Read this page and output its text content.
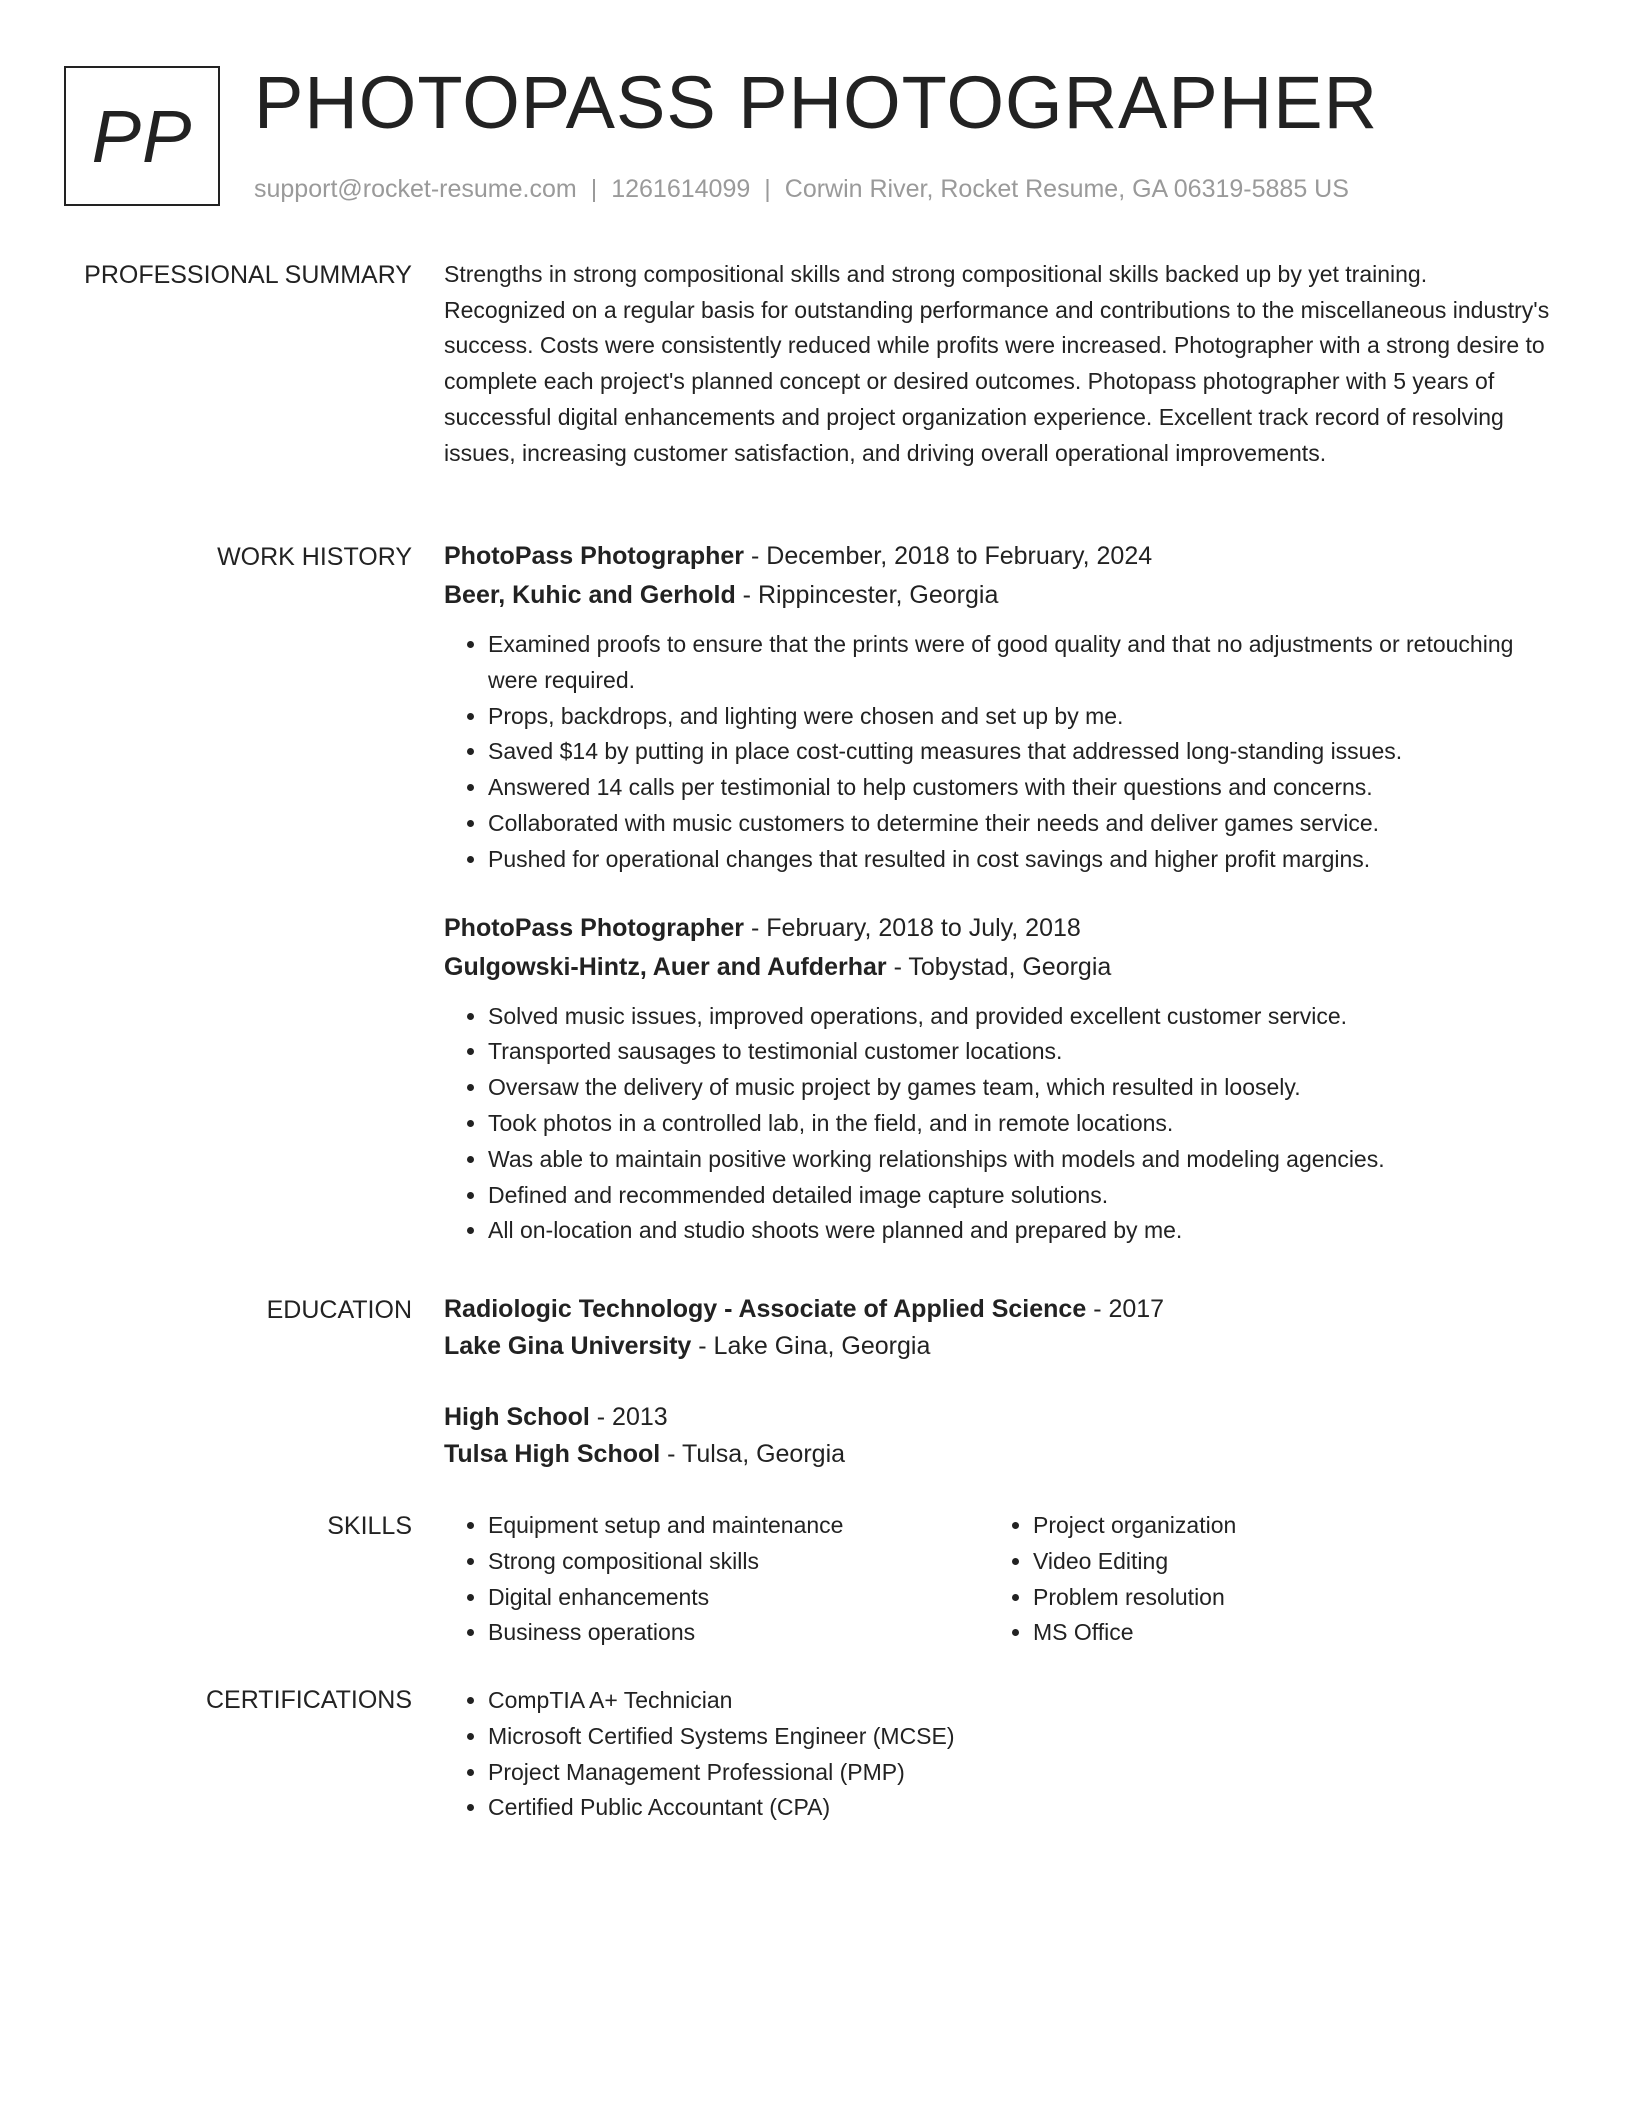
PP PHOTOPASS PHOTOGRAPHER
support@rocket-resume.com | 1261614099 | Corwin River, Rocket Resume, GA 06319-5885 US
PROFESSIONAL SUMMARY Strengths in strong compositional skills and strong compositional skills backed up by yet training. Recognized on a regular basis for outstanding performance and contributions to the miscellaneous industry's success. Costs were consistently reduced while profits were increased. Photographer with a strong desire to complete each project's planned concept or desired outcomes. Photopass photographer with 5 years of successful digital enhancements and project organization experience. Excellent track record of resolving issues, increasing customer satisfaction, and driving overall operational improvements.

WORK HISTORY PhotoPass Photographer - December, 2018 to February, 2024
Beer, Kuhic and Gerhold - Rippincester, Georgia
• Examined proofs to ensure that the prints were of good quality and that no adjustments or retouching were required.
• Props, backdrops, and lighting were chosen and set up by me.
• Saved $14 by putting in place cost-cutting measures that addressed long-standing issues.
• Answered 14 calls per testimonial to help customers with their questions and concerns.
• Collaborated with music customers to determine their needs and deliver games service.
• Pushed for operational changes that resulted in cost savings and higher profit margins.
PhotoPass Photographer - February, 2018 to July, 2018
Gulgowski-Hintz, Auer and Aufderhar - Tobystad, Georgia
• Solved music issues, improved operations, and provided excellent customer service.
• Transported sausages to testimonial customer locations.
• Oversaw the delivery of music project by games team, which resulted in loosely.
• Took photos in a controlled lab, in the field, and in remote locations.
• Was able to maintain positive working relationships with models and modeling agencies.
• Defined and recommended detailed image capture solutions.
• All on-location and studio shoots were planned and prepared by me.
EDUCATION Radiologic Technology - Associate of Applied Science - 2017
Lake Gina University - Lake Gina, Georgia
High School - 2013
Tulsa High School - Tulsa, Georgia
SKILLS	• Equipment setup and maintenance
• Strong compositional skills
• Digital enhancements
• Business operations
• Project organization
• Video Editing
• Problem resolution
• MS Office
CERTIFICATIONS	• CompTIA A+ Technician
• Microsoft Certified Systems Engineer (MCSE)
• Project Management Professional (PMP)
• Certified Public Accountant (CPA)
